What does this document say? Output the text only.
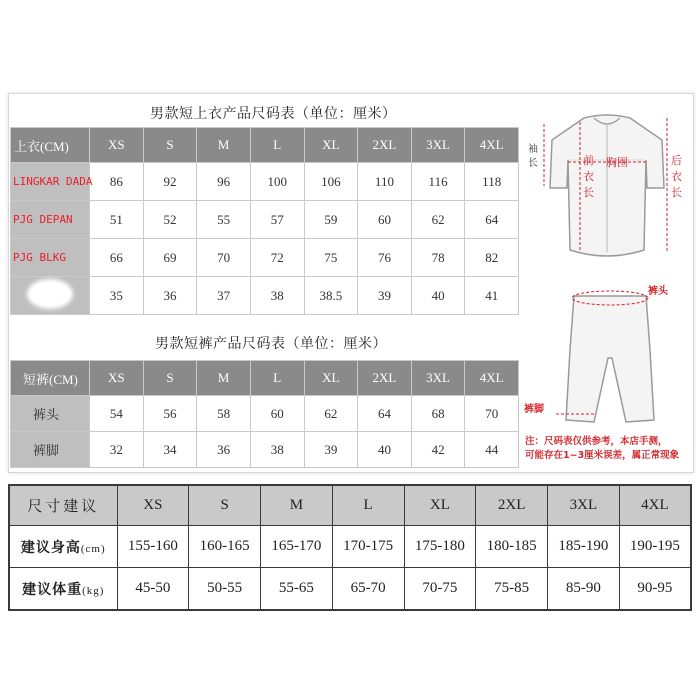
男款短上衣产品尺码表（单位：厘米）
上衣(CM)	XS	S	M	L	XL	2XL	3XL	4XL
LINGKAR DADA	86	92	96	100	106	110	116	118
PJG DEPAN	51	52	55	57	59	60	62	64
PJG BLKG	66	69	70	72	75	76	78	82
	35	36	37	38	38.5	39	40	41
男款短裤产品尺码表（单位：厘米）
短裤(CM)	XS	S	M	L	XL	2XL	3XL	4XL
裤头	54	56	58	60	62	64	68	70
裤脚	32	34	36	38	39	40	42	44
袖
长	前
衣
长
胸围	后
衣
长
裤头
裤脚
注：尺码表仅供参考，本店手测，
可能存在1~3厘米误差，属正常现象
尺寸建议	XS	S	M	L	XL	2XL	3XL	4XL
建议身高(cm)	155-160	160-165	165-170	170-175	175-180	180-185	185-190	190-195
建议体重(kg)	45-50	50-55	55-65	65-70	70-75	75-85	85-90	90-95
